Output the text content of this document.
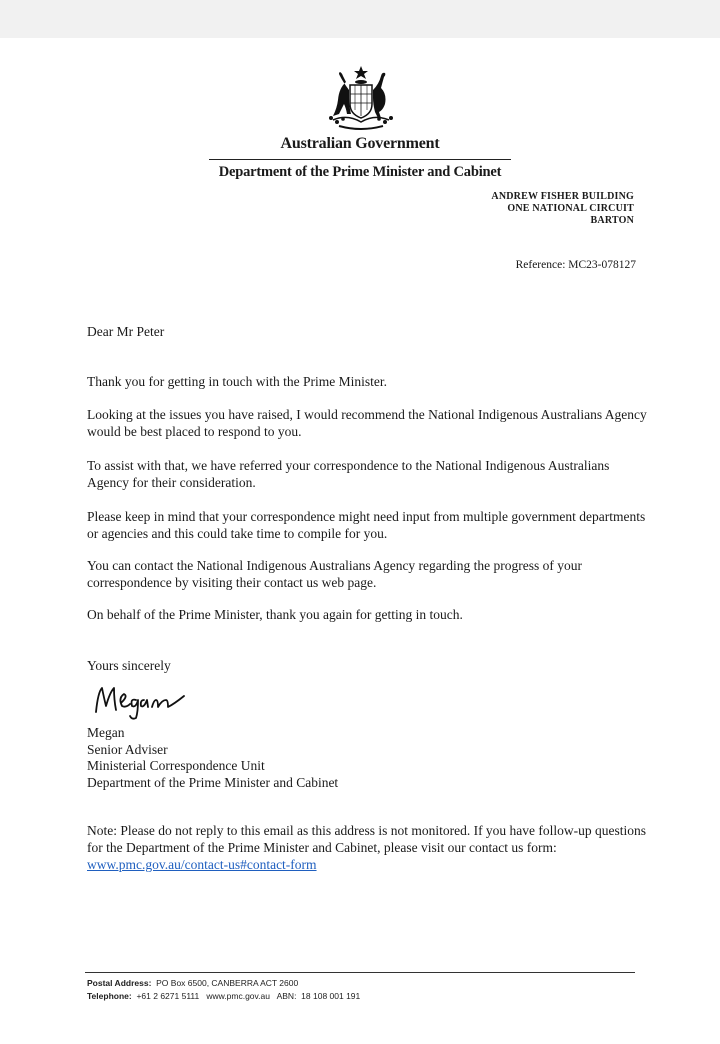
Australian Government
Department of the Prime Minister and Cabinet
ANDREW FISHER BUILDING
ONE NATIONAL CIRCUIT
BARTON
Reference: MC23-078127
Dear Mr Peter

Thank you for getting in touch with the Prime Minister.

Looking at the issues you have raised, I would recommend the National Indigenous Australians Agency would be best placed to respond to you.

To assist with that, we have referred your correspondence to the National Indigenous Australians Agency for their consideration.

Please keep in mind that your correspondence might need input from multiple government departments or agencies and this could take time to compile for you.

You can contact the National Indigenous Australians Agency regarding the progress of your correspondence by visiting their contact us web page.

On behalf of the Prime Minister, thank you again for getting in touch.

Yours sincerely
Megan
Senior Adviser
Ministerial Correspondence Unit
Department of the Prime Minister and Cabinet
Note: Please do not reply to this email as this address is not monitored. If you have follow-up questions for the Department of the Prime Minister and Cabinet, please visit our contact us form: www.pmc.gov.au/contact-us#contact-form
Postal Address: PO Box 6500, CANBERRA ACT 2600
Telephone: +61 2 6271 5111 www.pmc.gov.au ABN: 18 108 001 191
